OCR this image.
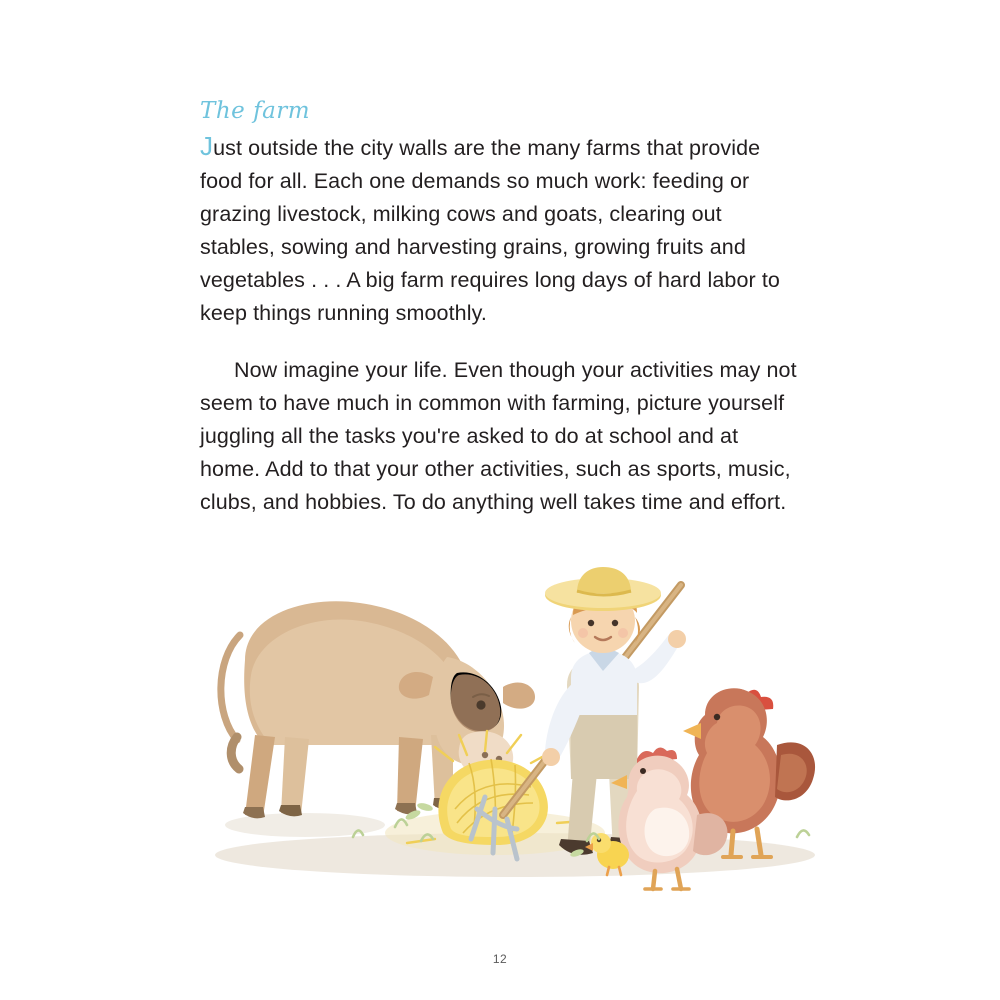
The farm

Just outside the city walls are the many farms that provide food for all. Each one demands so much work: feeding or grazing livestock, milking cows and goats, clearing out stables, sowing and harvesting grains, growing fruits and vegetables . . . A big farm requires long days of hard labor to keep things running smoothly.

Now imagine your life. Even though your activities may not seem to have much in common with farming, picture yourself juggling all the tasks you're asked to do at school and at home. Add to that your other activities, such as sports, music, clubs, and hobbies. To do anything well takes time and effort.

12
